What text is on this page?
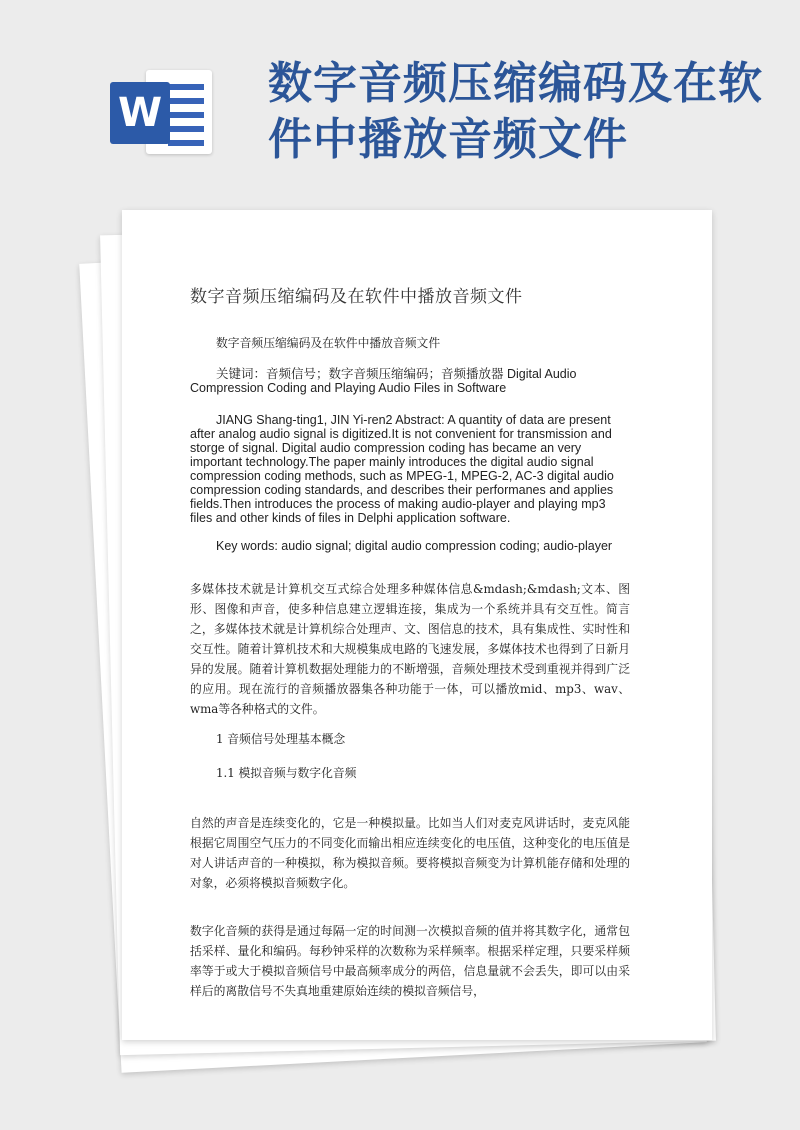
W
数字音频压缩编码及在软件中播放音频文件
数字音频压缩编码及在软件中播放音频文件
数字音频压缩编码及在软件中播放音频文件
关键词：音频信号；数字音频压缩编码；音频播放器 Digital Audio Compression Coding and Playing Audio Files in Software
JIANG Shang-ting1, JIN Yi-ren2 Abstract: A quantity of data are present after analog audio signal is digitized.It is not convenient for transmission and storge of signal. Digital audio compression coding has became an very important technology.The paper mainly introduces the digital audio signal compression coding methods, such as MPEG-1, MPEG-2, AC-3 digital audio compression coding standards, and describes their performanes and applies fields.Then introduces the process of making audio-player and playing mp3 files and other kinds of files in Delphi application software.
Key words: audio signal; digital audio compression coding; audio-player
多媒体技术就是计算机交互式综合处理多种媒体信息&mdash;&mdash;文本、图形、图像和声音，使多种信息建立逻辑连接，集成为一个系统并具有交互性。简言之，多媒体技术就是计算机综合处理声、文、图信息的技术，具有集成性、实时性和交互性。随着计算机技术和大规模集成电路的飞速发展，多媒体技术也得到了日新月异的发展。随着计算机数据处理能力的不断增强，音频处理技术受到重视并得到广泛的应用。现在流行的音频播放器集各种功能于一体，可以播放mid、mp3、wav、wma等各种格式的文件。
1 音频信号处理基本概念
1.1 模拟音频与数字化音频
自然的声音是连续变化的，它是一种模拟量。比如当人们对麦克风讲话时，麦克风能根据它周围空气压力的不同变化而输出相应连续变化的电压值，这种变化的电压值是对人讲话声音的一种模拟，称为模拟音频。要将模拟音频变为计算机能存储和处理的对象，必须将模拟音频数字化。
数字化音频的获得是通过每隔一定的时间测一次模拟音频的值并将其数字化，通常包括采样、量化和编码。每秒钟采样的次数称为采样频率。根据采样定理，只要采样频率等于或大于模拟音频信号中最高频率成分的两倍，信息量就不会丢失，即可以由采样后的离散信号不失真地重建原始连续的模拟音频信号，
